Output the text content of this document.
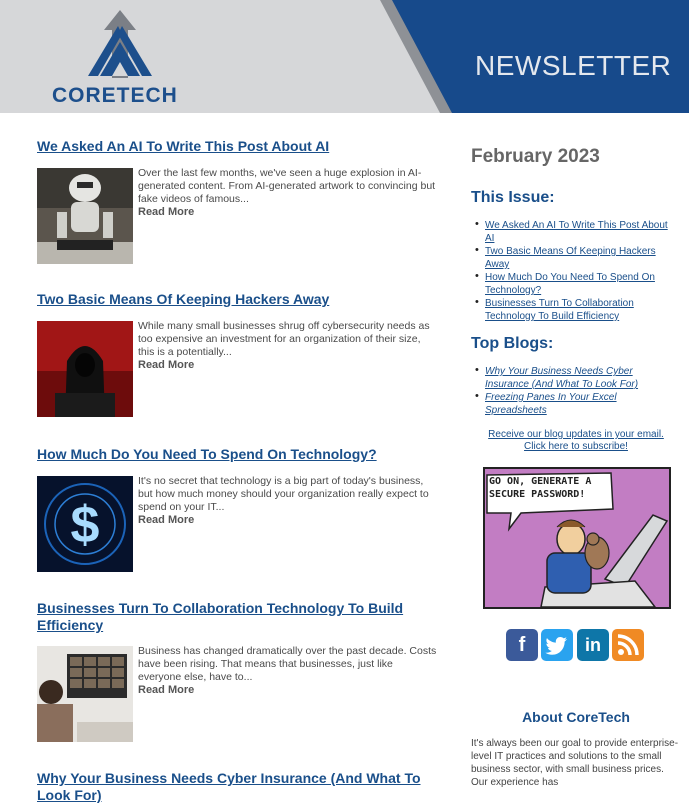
CORETECH
NEWSLETTER
We Asked An AI To Write This Post About AI
Over the last few months, we've seen a huge explosion in AI-generated content. From AI-generated artwork to convincing but fake videos of famous...
Read More
Two Basic Means Of Keeping Hackers Away
While many small businesses shrug off cybersecurity needs as too expensive an investment for an organization of their size, this is a potentially...
Read More
How Much Do You Need To Spend On Technology?
$
It's no secret that technology is a big part of today's business, but how much money should your organization really expect to spend on your IT...
Read More
Businesses Turn To Collaboration Technology To Build Efficiency
Business has changed dramatically over the past decade. Costs have been rising. That means that businesses, just like everyone else, have to...
Read More
Why Your Business Needs Cyber Insurance (And What To Look For)
February 2023
This Issue:
• We Asked An AI To Write This Post About AI
• Two Basic Means Of Keeping Hackers Away
• How Much Do You Need To Spend On Technology?
• Businesses Turn To Collaboration Technology To Build Efficiency
Top Blogs:
• Why Your Business Needs Cyber Insurance (And What To Look For)
• Freezing Panes In Your Excel Spreadsheets
Receive our blog updates in your email.
Click here to subscribe!
GO ON, GENERATE A SECURE PASSWORD!
f	in
About CoreTech
It's always been our goal to provide enterprise-level IT practices and solutions to the small business sector, with small business prices. Our experience has
